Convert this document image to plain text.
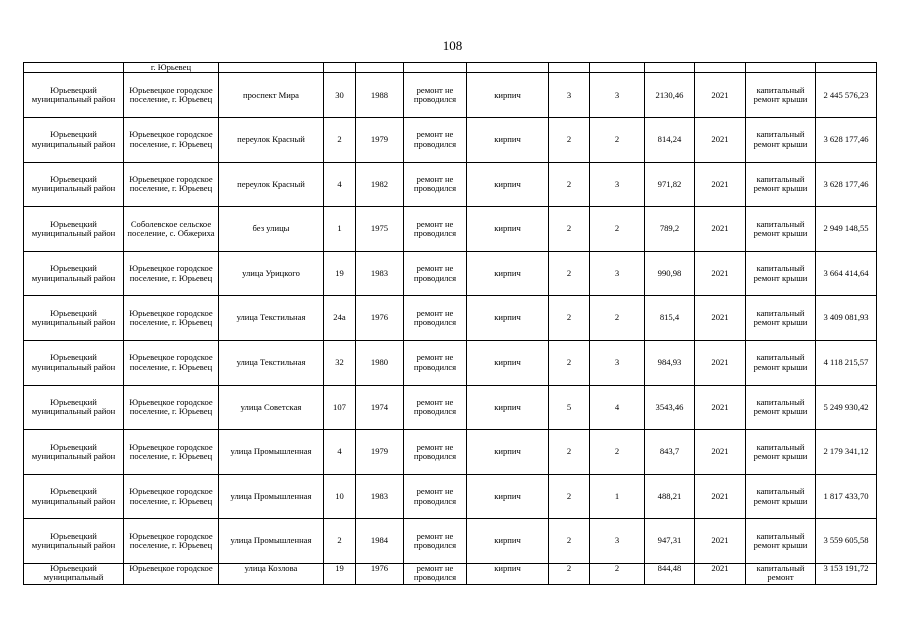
108
	г. Юрьевец											
Юрьевецкий муниципальный район	Юрьевецкое городское поселение, г. Юрьевец	проспект Мира	30	1988	ремонт не проводился	кирпич	3	3	2130,46	2021	капитальный ремонт крыши	2 445 576,23
Юрьевецкий муниципальный район	Юрьевецкое городское поселение, г. Юрьевец	переулок Красный	2	1979	ремонт не проводился	кирпич	2	2	814,24	2021	капитальный ремонт крыши	3 628 177,46
Юрьевецкий муниципальный район	Юрьевецкое городское поселение, г. Юрьевец	переулок Красный	4	1982	ремонт не проводился	кирпич	2	3	971,82	2021	капитальный ремонт крыши	3 628 177,46
Юрьевецкий муниципальный район	Соболевское сельское поселение, с. Обжериха	без улицы	1	1975	ремонт не проводился	кирпич	2	2	789,2	2021	капитальный ремонт крыши	2 949 148,55
Юрьевецкий муниципальный район	Юрьевецкое городское поселение, г. Юрьевец	улица Урицкого	19	1983	ремонт не проводился	кирпич	2	3	990,98	2021	капитальный ремонт крыши	3 664 414,64
Юрьевецкий муниципальный район	Юрьевецкое городское поселение, г. Юрьевец	улица Текстильная	24а	1976	ремонт не проводился	кирпич	2	2	815,4	2021	капитальный ремонт крыши	3 409 081,93
Юрьевецкий муниципальный район	Юрьевецкое городское поселение, г. Юрьевец	улица Текстильная	32	1980	ремонт не проводился	кирпич	2	3	984,93	2021	капитальный ремонт крыши	4 118 215,57
Юрьевецкий муниципальный район	Юрьевецкое городское поселение, г. Юрьевец	улица Советская	107	1974	ремонт не проводился	кирпич	5	4	3543,46	2021	капитальный ремонт крыши	5 249 930,42
Юрьевецкий муниципальный район	Юрьевецкое городское поселение, г. Юрьевец	улица Промышленная	4	1979	ремонт не проводился	кирпич	2	2	843,7	2021	капитальный ремонт крыши	2 179 341,12
Юрьевецкий муниципальный район	Юрьевецкое городское поселение, г. Юрьевец	улица Промышленная	10	1983	ремонт не проводился	кирпич	2	1	488,21	2021	капитальный ремонт крыши	1 817 433,70
Юрьевецкий муниципальный район	Юрьевецкое городское поселение, г. Юрьевец	улица Промышленная	2	1984	ремонт не проводился	кирпич	2	3	947,31	2021	капитальный ремонт крыши	3 559 605,58
Юрьевецкий муниципальный	Юрьевецкое городское	улица Козлова	19	1976	ремонт не проводился	кирпич	2	2	844,48	2021	капитальный ремонт	3 153 191,72
